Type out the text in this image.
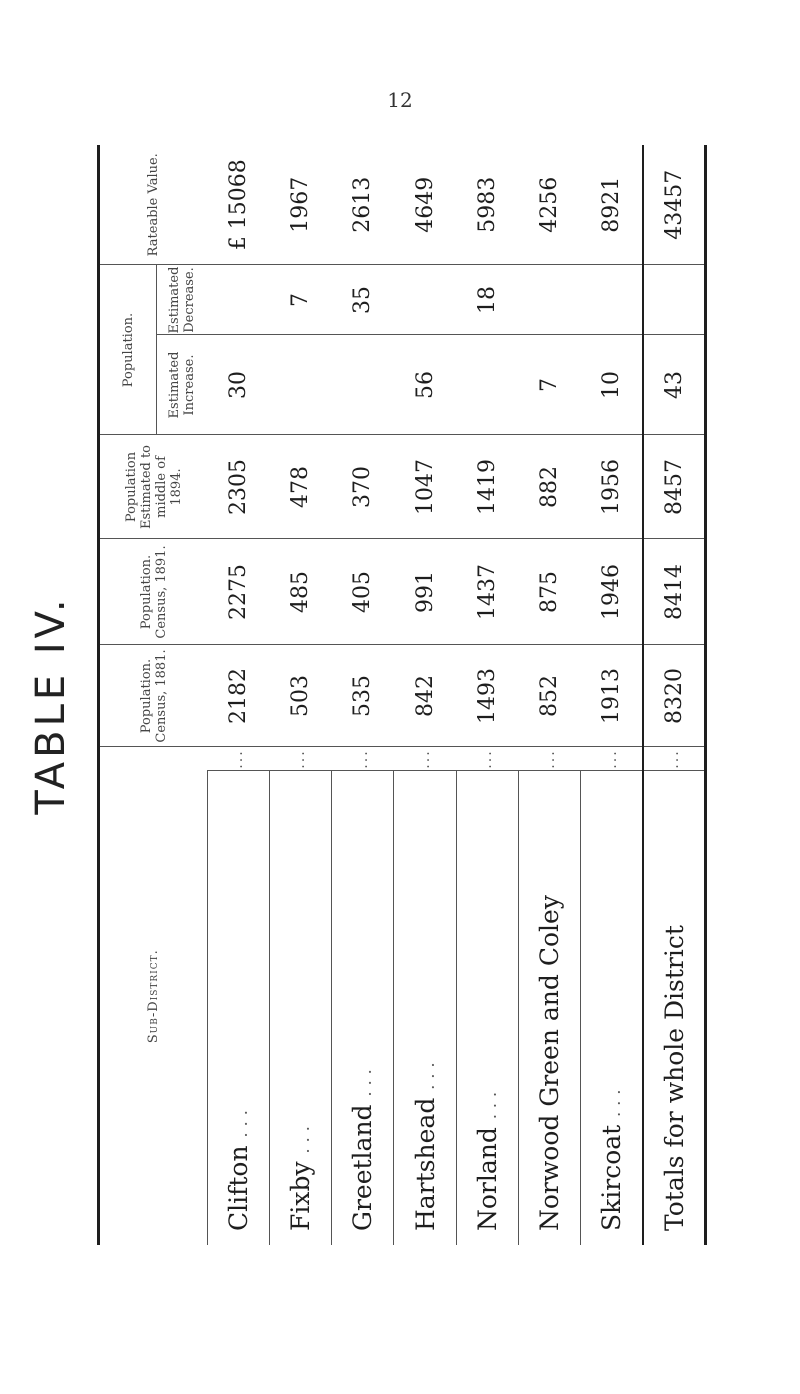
12
TABLE IV.
Sub-District.		Population. Census, 1881.	Population. Census, 1891.	Population Estimated to middle of 1894.	Population.		Rateable Value.
					Estimated Increase.	Estimated Decrease.	
Clifton ...	...	2182	2275	2305	30		£ 15068
Fixby ...	...	503	485	478		7	1967
Greetland ...	...	535	405	370		35	2613
Hartshead ...	...	842	991	1047	56		4649
Norland ...	...	1493	1437	1419		18	5983
Norwood Green and Coley	...	852	875	882	7		4256
Skircoat ...	...	1913	1946	1956	10		8921
Totals for whole District	...	8320	8414	8457	43		43457
